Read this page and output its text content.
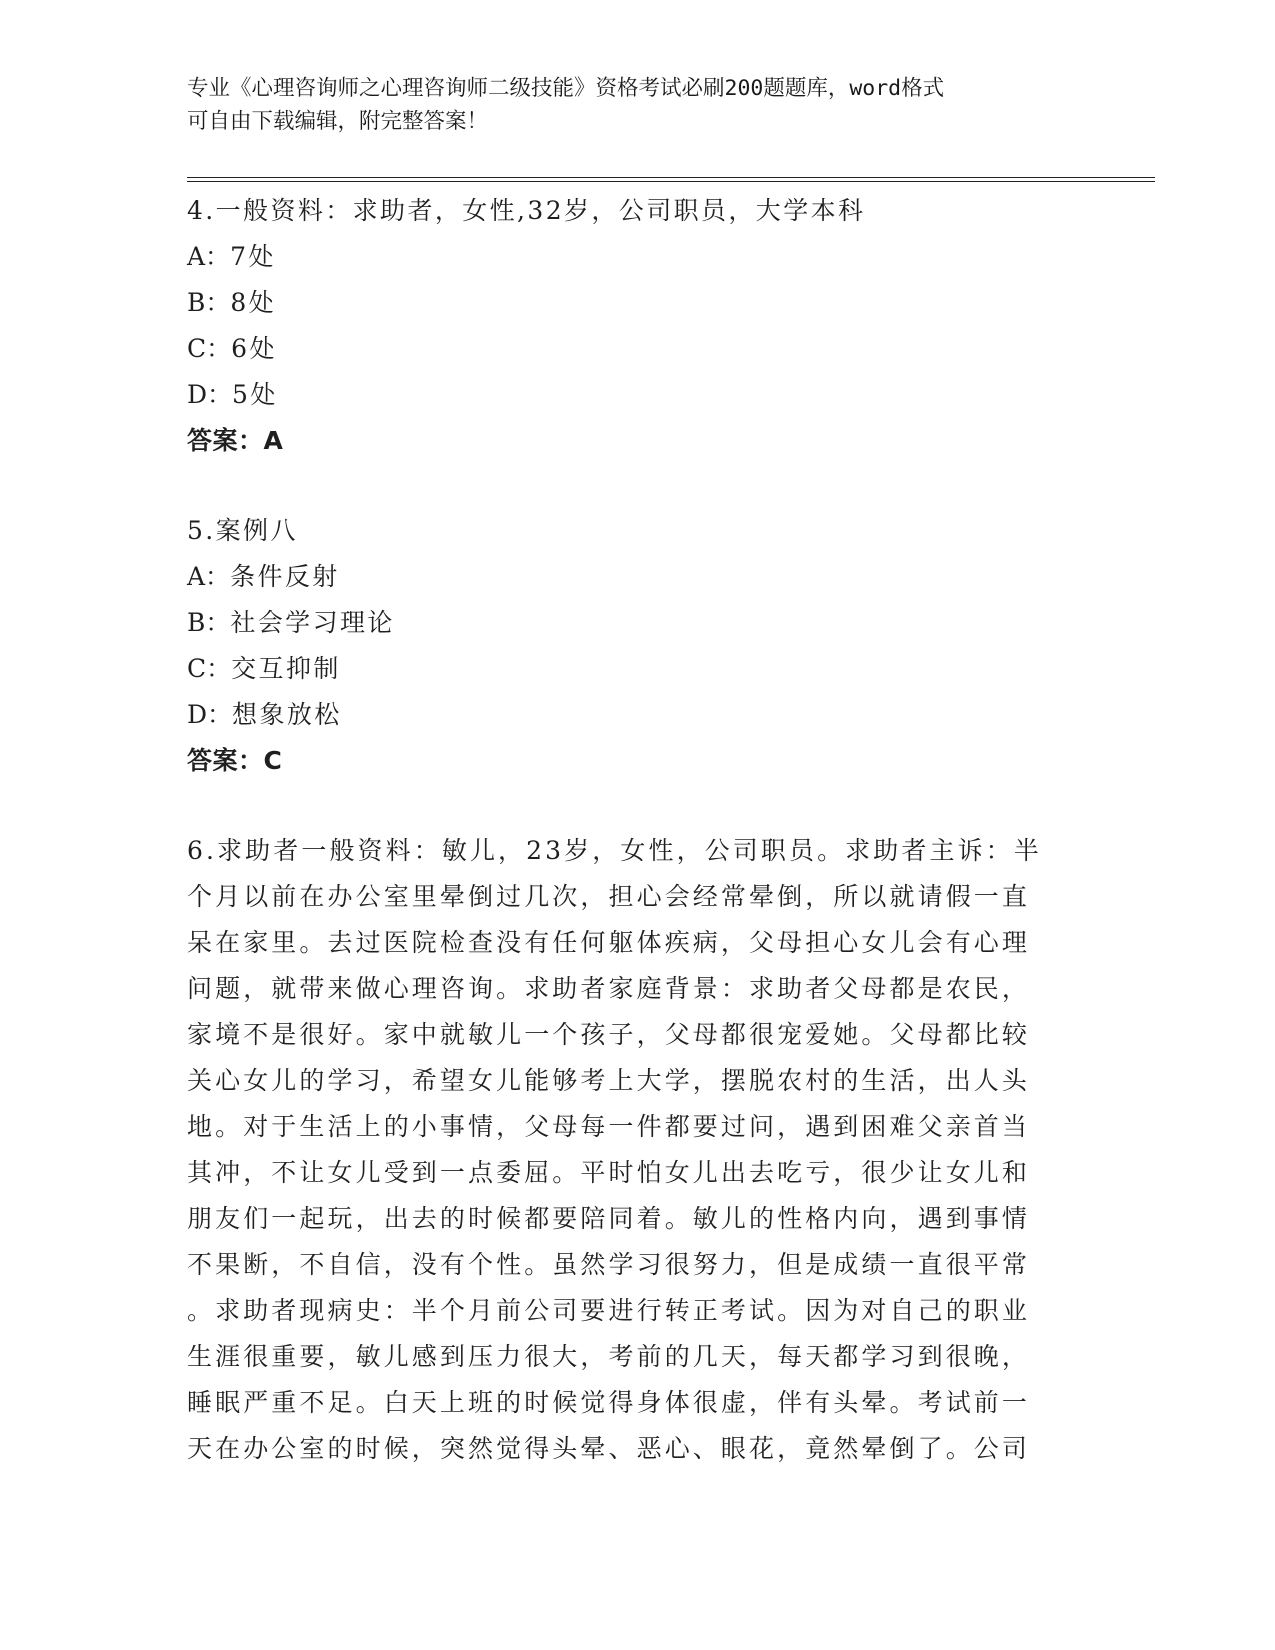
专业《心理咨询师之心理咨询师二级技能》资格考试必刷200题题库，word格式
可自由下载编辑，附完整答案！
4.一般资料：求助者，女性,32岁，公司职员，大学本科
A：7处
B：8处
C：6处
D：5处
答案：A
5.案例八
A：条件反射
B：社会学习理论
C：交互抑制
D：想象放松
答案：C
6.求助者一般资料：敏儿，23岁，女性，公司职员。求助者主诉：半
个月以前在办公室里晕倒过几次，担心会经常晕倒，所以就请假一直
呆在家里。去过医院检查没有任何躯体疾病，父母担心女儿会有心理
问题，就带来做心理咨询。求助者家庭背景：求助者父母都是农民，
家境不是很好。家中就敏儿一个孩子，父母都很宠爱她。父母都比较
关心女儿的学习，希望女儿能够考上大学，摆脱农村的生活，出人头
地。对于生活上的小事情，父母每一件都要过问，遇到困难父亲首当
其冲，不让女儿受到一点委屈。平时怕女儿出去吃亏，很少让女儿和
朋友们一起玩，出去的时候都要陪同着。敏儿的性格内向，遇到事情
不果断，不自信，没有个性。虽然学习很努力，但是成绩一直很平常
。求助者现病史：半个月前公司要进行转正考试。因为对自己的职业
生涯很重要，敏儿感到压力很大，考前的几天，每天都学习到很晚，
睡眠严重不足。白天上班的时候觉得身体很虚，伴有头晕。考试前一
天在办公室的时候，突然觉得头晕、恶心、眼花，竟然晕倒了。公司
